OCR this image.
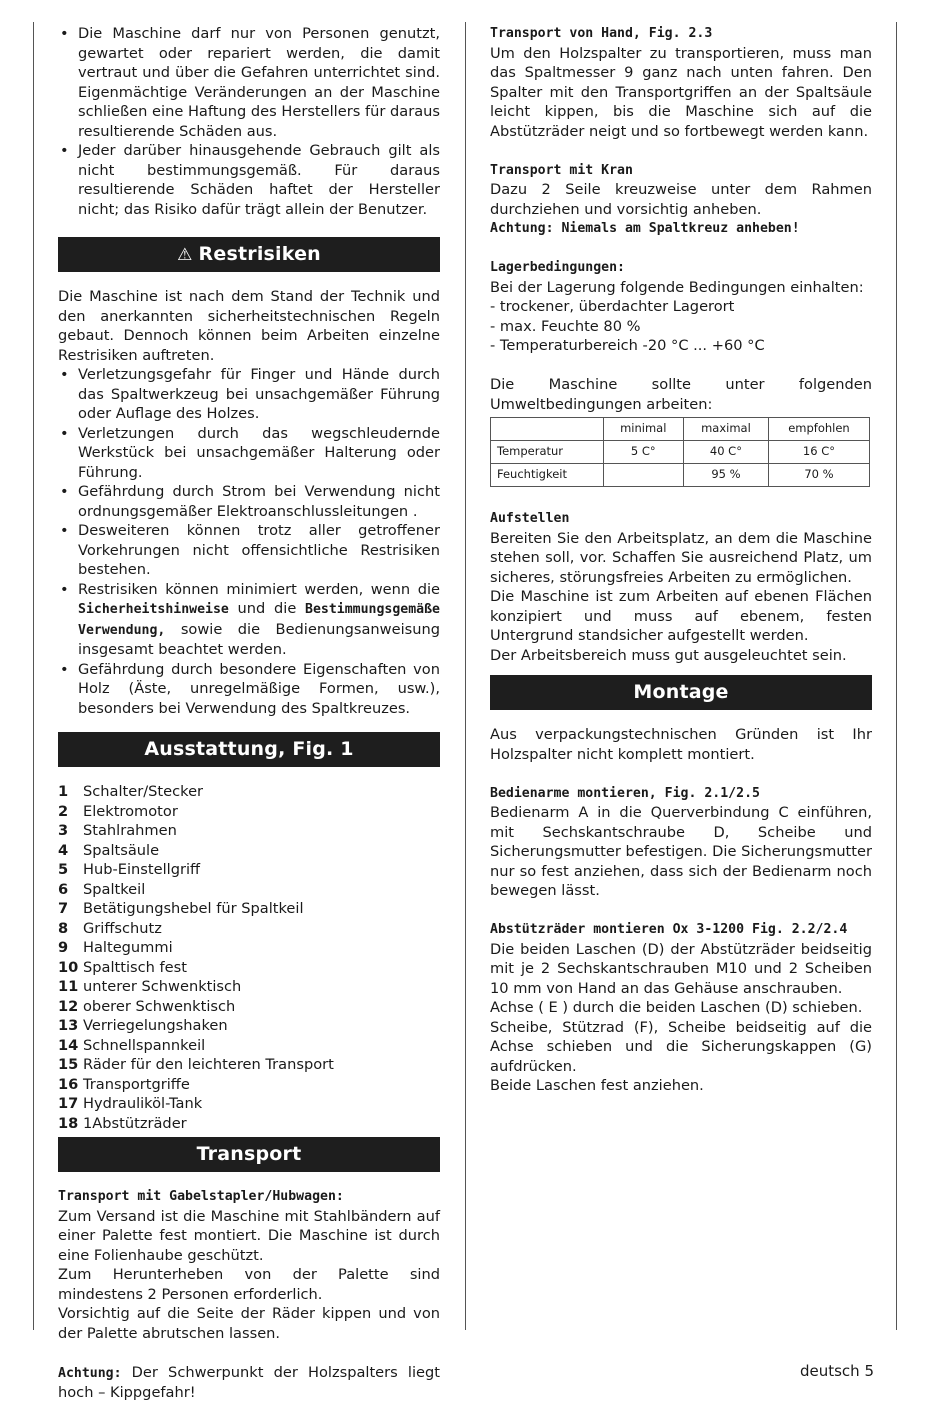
• Die Maschine darf nur von Personen genutzt, gewartet oder repariert werden, die damit vertraut und über die Gefahren unterrichtet sind. Eigenmächtige Veränderungen an der Maschine schließen eine Haftung des Herstellers für daraus resultierende Schäden aus.
• Jeder darüber hinausgehende Gebrauch gilt als nicht bestimmungsgemäß. Für daraus resultierende Schäden haftet der Hersteller nicht; das Risiko dafür trägt allein der Benutzer.
⚠ Restrisiken

Die Maschine ist nach dem Stand der Technik und den anerkannten sicherheitstechnischen Regeln gebaut. Dennoch können beim Arbeiten einzelne Restrisiken auftreten.

• Verletzungsgefahr für Finger und Hände durch das Spaltwerkzeug bei unsachgemäßer Führung oder Auflage des Holzes.
• Verletzungen durch das wegschleudernde Werkstück bei unsachgemäßer Halterung oder Führung.
• Gefährdung durch Strom bei Verwendung nicht ordnungsgemäßer Elektroanschlussleitungen .
• Desweiteren können trotz aller getroffener Vorkehrungen nicht offensichtliche Restrisiken bestehen.
• Restrisiken können minimiert werden, wenn die Sicherheitshinweise und die Bestimmungsgemäße Verwendung, sowie die Bedienungsanweisung insgesamt beachtet werden.
• Gefährdung durch besondere Eigenschaften von Holz (Äste, unregelmäßige Formen, usw.), besonders bei Verwendung des Spaltkreuzes.
Ausstattung, Fig. 1
1	Schalter/Stecker
2	Elektromotor
3	Stahlrahmen
4	Spaltsäule
5	Hub-Einstellgriff
6	Spaltkeil
7	Betätigungshebel für Spaltkeil
8	Griffschutz
9	Haltegummi
10	Spalttisch fest
11	unterer Schwenktisch
12	oberer Schwenktisch
13	Verriegelungshaken
14	Schnellspannkeil
15	Räder für den leichteren Transport
16	Transportgriffe
17	Hydrauliköl-Tank
18	1Abstützräder
Transport

Transport mit Gabelstapler/Hubwagen:

Zum Versand ist die Maschine mit Stahlbändern auf einer Palette fest montiert. Die Maschine ist durch eine Folienhaube geschützt.

Zum Herunterheben von der Palette sind mindestens 2 Personen erforderlich.

Vorsichtig auf die Seite der Räder kippen und von der Palette abrutschen lassen.

Achtung: Der Schwerpunkt der Holzspalters liegt hoch – Kippgefahr!

Transport von Hand, Fig. 2.3

Um den Holzspalter zu transportieren, muss man das Spaltmesser 9 ganz nach unten fahren. Den Spalter mit den Transportgriffen an der Spaltsäule leicht kippen, bis die Maschine sich auf die Abstützräder neigt und so fortbewegt werden kann.

Transport mit Kran

Dazu 2 Seile kreuzweise unter dem Rahmen durchziehen und vorsichtig anheben.

Achtung: Niemals am Spaltkreuz anheben!

Lagerbedingungen:

Bei der Lagerung folgende Bedingungen einhalten:

- trockener, überdachter Lagerort

- max. Feuchte 80 %

- Temperaturbereich -20 °C ... +60 °C

Die Maschine sollte unter folgenden Umweltbedingungen arbeiten:

	minimal	maximal	empfohlen
Temperatur	5 C°	40 C°	16 C°
Feuchtigkeit		95 %	70 %

Aufstellen

Bereiten Sie den Arbeitsplatz, an dem die Maschine stehen soll, vor. Schaffen Sie ausreichend Platz, um sicheres, störungsfreies Arbeiten zu ermöglichen.

Die Maschine ist zum Arbeiten auf ebenen Flächen konzipiert und muss auf ebenem, festen Untergrund standsicher aufgestellt werden.

Der Arbeitsbereich muss gut ausgeleuchtet sein.

Montage

Aus verpackungstechnischen Gründen ist Ihr Holzspalter nicht komplett montiert.

Bedienarme montieren, Fig. 2.1/2.5

Bedienarm A in die Querverbindung C einführen, mit Sechskantschraube D, Scheibe und Sicherungsmutter befestigen. Die Sicherungsmutter nur so fest anziehen, dass sich der Bedienarm noch bewegen lässt.

Abstützräder montieren Ox 3-1200 Fig. 2.2/2.4

Die beiden Laschen (D) der Abstützräder beidseitig mit je 2 Sechskantschrauben M10 und 2 Scheiben 10 mm von Hand an das Gehäuse anschrauben.

Achse ( E ) durch die beiden Laschen (D) schieben.

Scheibe, Stützrad (F), Scheibe beidseitig auf die Achse schieben und die Sicherungskappen (G) aufdrücken.

Beide Laschen fest anziehen.

deutsch 5
